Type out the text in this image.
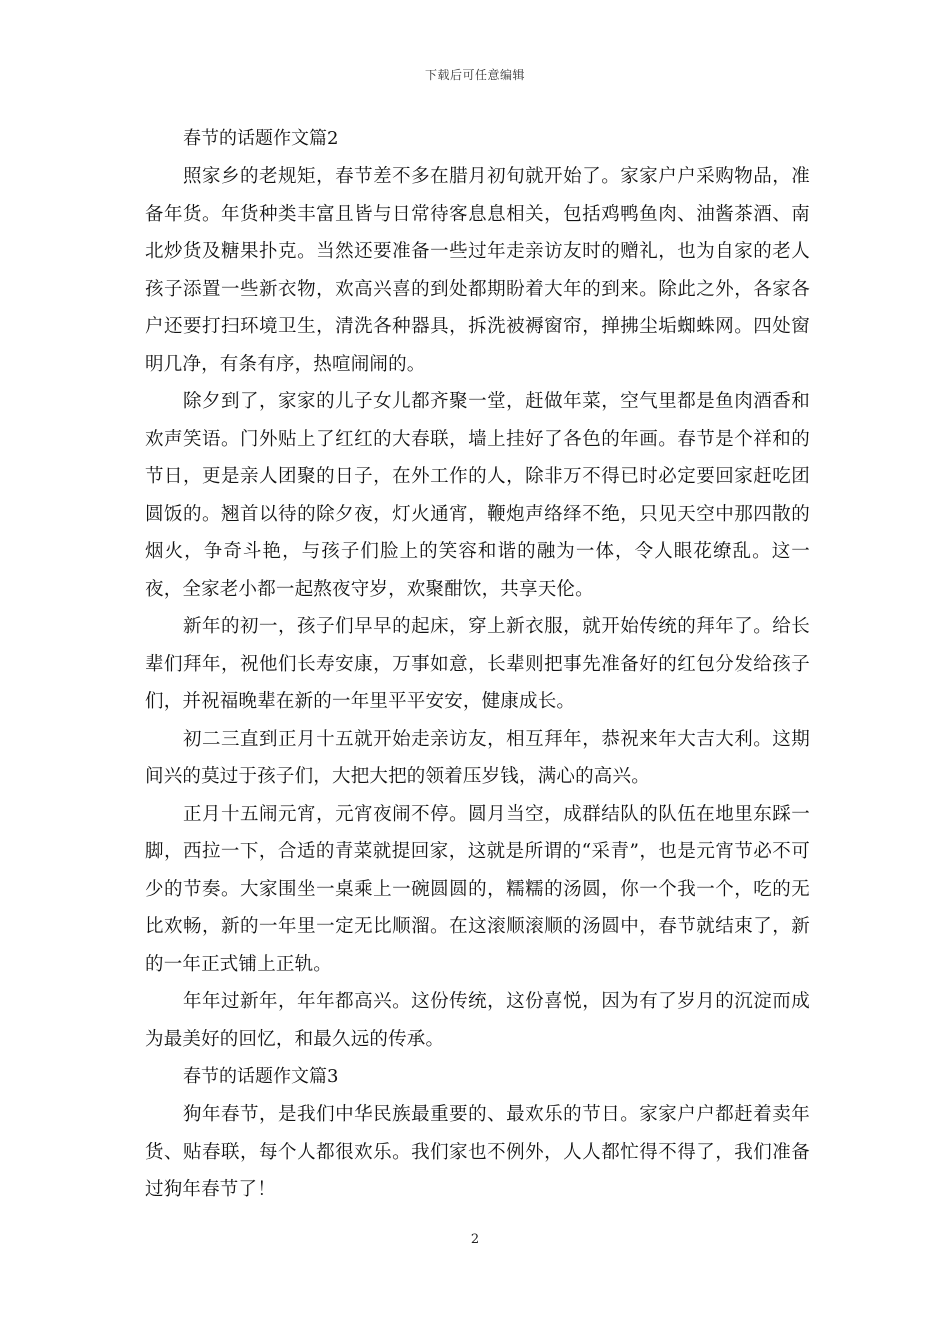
下载后可任意编辑

春节的话题作文篇2

照家乡的老规矩，春节差不多在腊月初旬就开始了。家家户户采购物品，准备年货。年货种类丰富且皆与日常待客息息相关，包括鸡鸭鱼肉、油酱茶酒、南北炒货及糖果扑克。当然还要准备一些过年走亲访友时的赠礼，也为自家的老人孩子添置一些新衣物，欢高兴喜的到处都期盼着大年的到来。除此之外，各家各户还要打扫环境卫生，清洗各种器具，拆洗被褥窗帘，掸拂尘垢蜘蛛网。四处窗明几净，有条有序，热喧闹闹的。

除夕到了，家家的儿子女儿都齐聚一堂，赶做年菜，空气里都是鱼肉酒香和欢声笑语。门外贴上了红红的大春联，墙上挂好了各色的年画。春节是个祥和的节日，更是亲人团聚的日子，在外工作的人，除非万不得已时必定要回家赶吃团圆饭的。翘首以待的除夕夜，灯火通宵，鞭炮声络绎不绝，只见天空中那四散的烟火，争奇斗艳，与孩子们脸上的笑容和谐的融为一体，令人眼花缭乱。这一夜，全家老小都一起熬夜守岁，欢聚酣饮，共享天伦。

新年的初一，孩子们早早的起床，穿上新衣服，就开始传统的拜年了。给长辈们拜年，祝他们长寿安康，万事如意，长辈则把事先准备好的红包分发给孩子们，并祝福晚辈在新的一年里平平安安，健康成长。

初二三直到正月十五就开始走亲访友，相互拜年，恭祝来年大吉大利。这期间兴的莫过于孩子们，大把大把的领着压岁钱，满心的高兴。

正月十五闹元宵，元宵夜闹不停。圆月当空，成群结队的队伍在地里东踩一脚，西拉一下，合适的青菜就提回家，这就是所谓的“采青”，也是元宵节必不可少的节奏。大家围坐一桌乘上一碗圆圆的，糯糯的汤圆，你一个我一个，吃的无比欢畅，新的一年里一定无比顺溜。在这滚顺滚顺的汤圆中，春节就结束了，新的一年正式铺上正轨。

年年过新年，年年都高兴。这份传统，这份喜悦，因为有了岁月的沉淀而成为最美好的回忆，和最久远的传承。

春节的话题作文篇3

狗年春节，是我们中华民族最重要的、最欢乐的节日。家家户户都赶着卖年货、贴春联，每个人都很欢乐。我们家也不例外，人人都忙得不得了，我们准备过狗年春节了！

2
